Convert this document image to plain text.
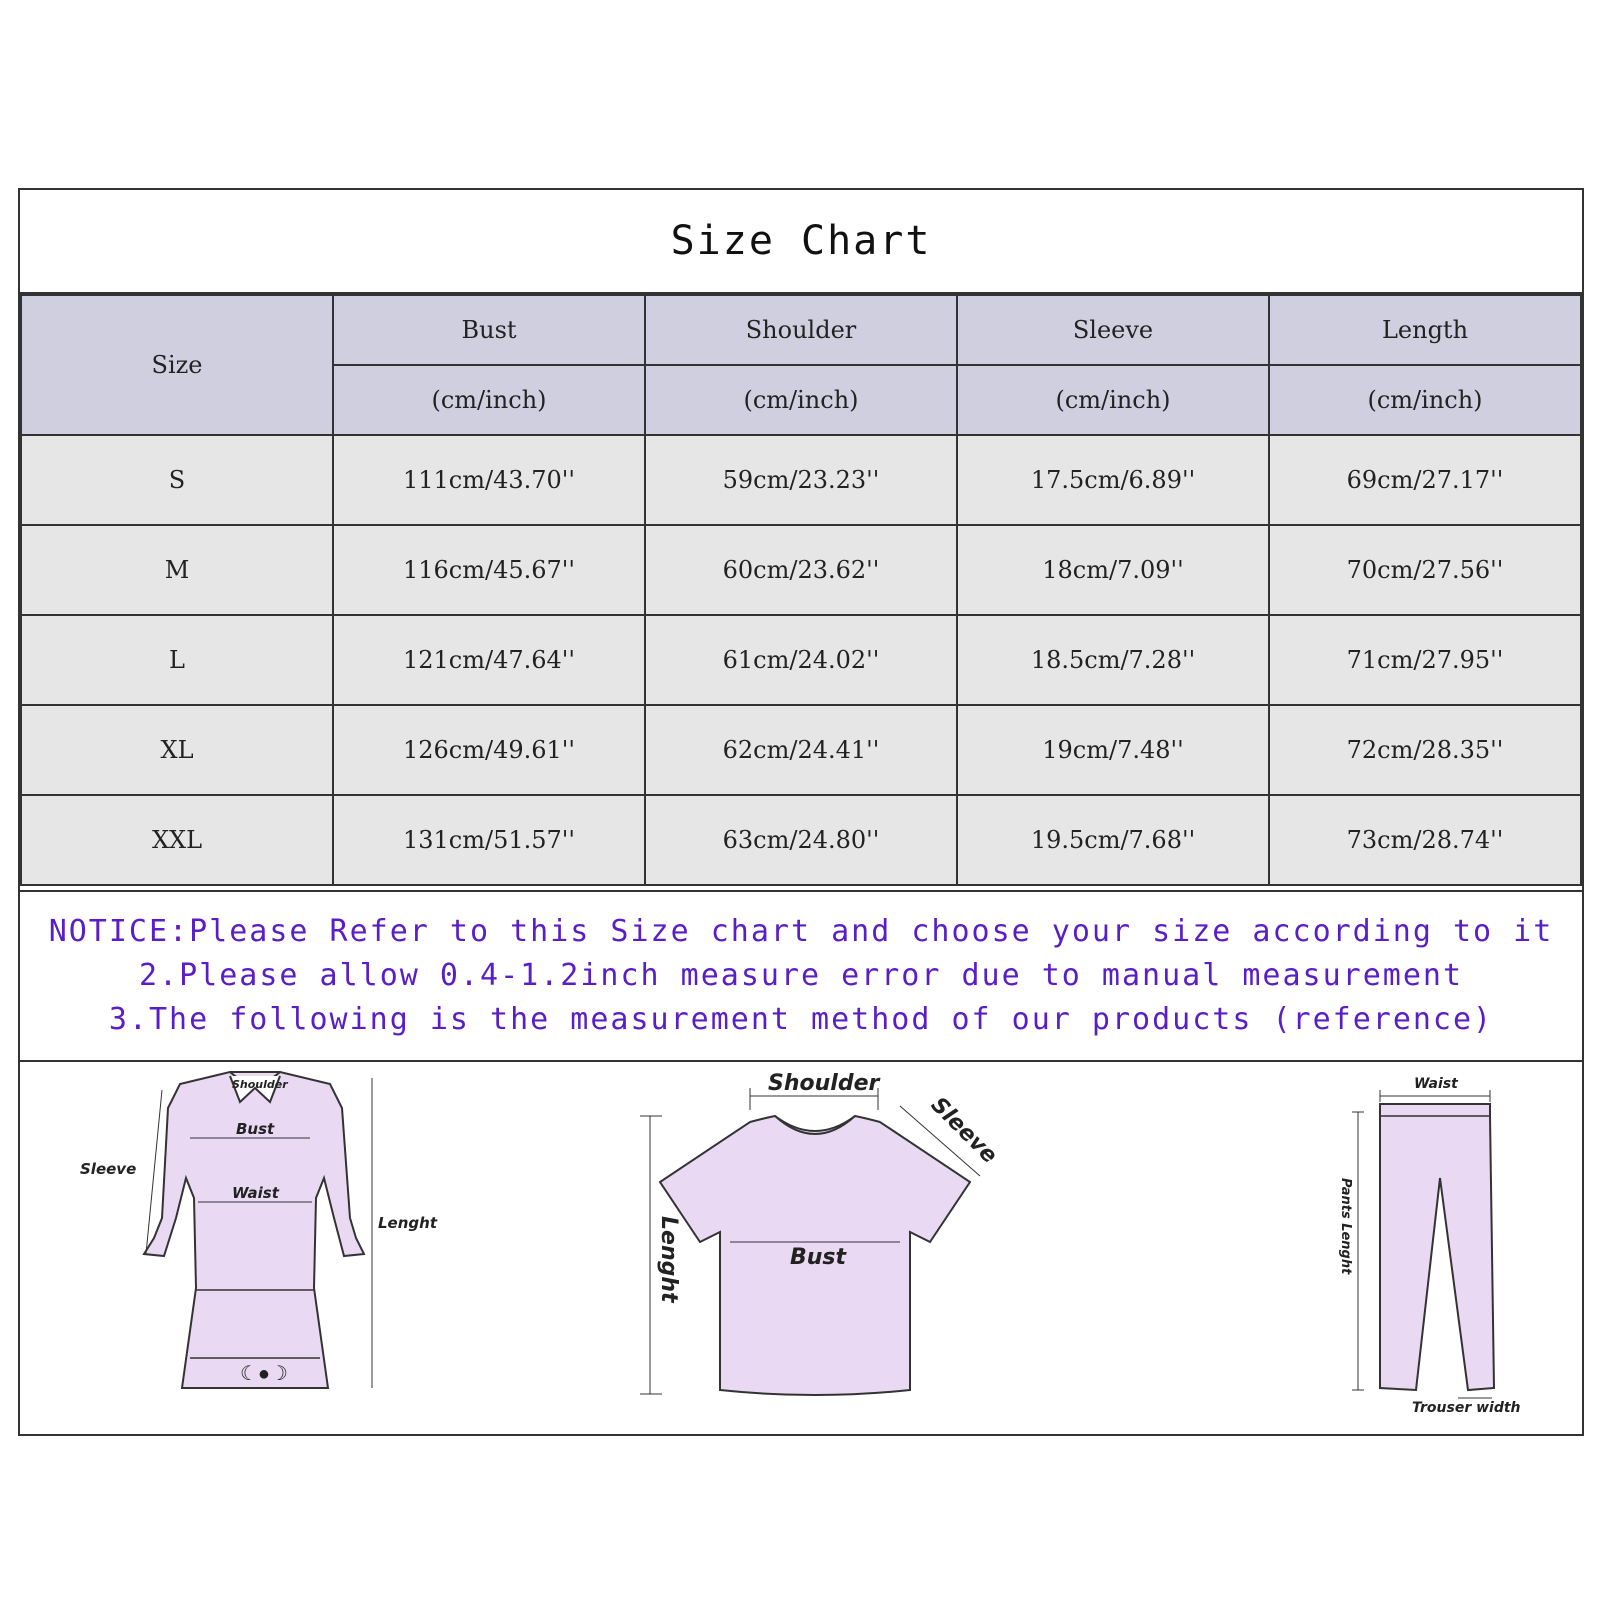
Size Chart
Size	Bust	Shoulder	Sleeve	Length
	(cm/inch)	(cm/inch)	(cm/inch)	(cm/inch)
S	111cm/43.70''	59cm/23.23''	17.5cm/6.89''	69cm/27.17''
M	116cm/45.67''	60cm/23.62''	18cm/7.09''	70cm/27.56''
L	121cm/47.64''	61cm/24.02''	18.5cm/7.28''	71cm/27.95''
XL	126cm/49.61''	62cm/24.41''	19cm/7.48''	72cm/28.35''
XXL	131cm/51.57''	63cm/24.80''	19.5cm/7.68''	73cm/28.74''
NOTICE:Please Refer to this Size chart and choose your size according to it
2.Please allow 0.4-1.2inch measure error due to manual measurement
3.The following is the measurement method of our products (reference)
☾●☽
Shoulder
Bust
Sleeve
Waist
Lenght
Shoulder
Sleeve
Lenght	Bust
Waist
Pants Lenght
Trouser width
